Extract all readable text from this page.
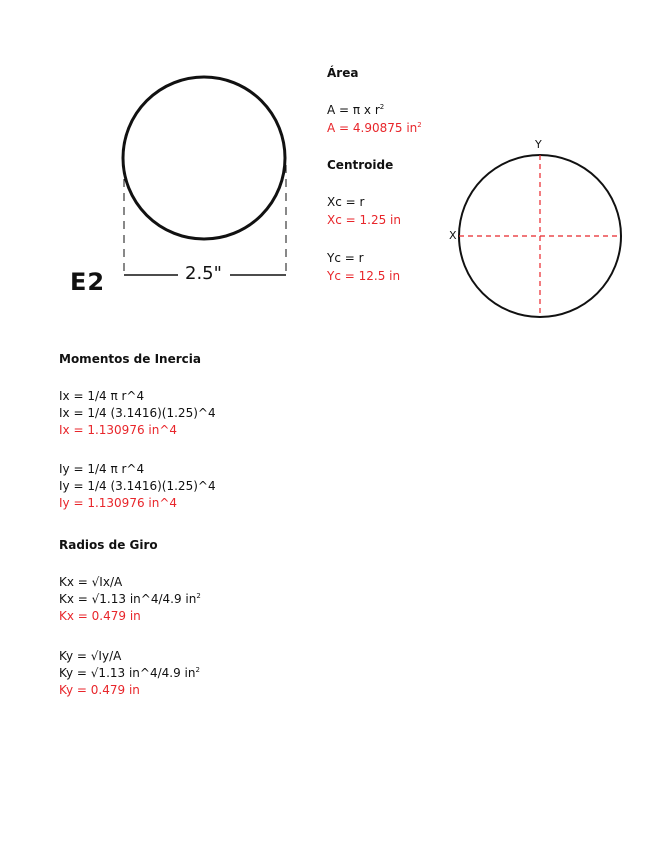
2.5"
E2
Área
A = π x $r^2$
A = 4.90875 $in^2$
Centroide
Xc = r
Xc = 1.25 in
Yc = r
Yc = 12.5 in
Y
X
Momentos de Inercia
Ix = 1/4 π r^4
Ix = 1/4 (3.1416)(1.25)^4
Ix = 1.130976 in^4
Iy = 1/4 π r^4
Iy = 1/4 (3.1416)(1.25)^4
Iy = 1.130976 in^4
Radios de Giro
Kx = √Ix/A
Kx = √1.13 in^4/4.9 $in^2$
Kx = 0.479 in
Ky = √Iy/A
Ky = √1.13 in^4/4.9 $in^2$
Ky = 0.479 in
